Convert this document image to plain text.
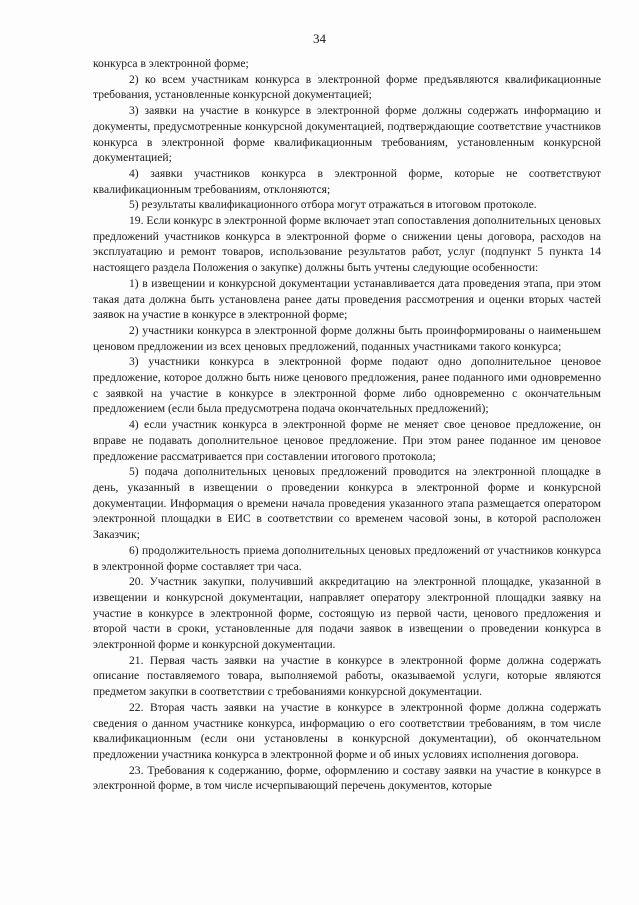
34

конкурса в электронной форме;

2) ко всем участникам конкурса в электронной форме предъявляются квалификационные требования, установленные конкурсной документацией;

3) заявки на участие в конкурсе в электронной форме должны содержать информацию и документы, предусмотренные конкурсной документацией, подтверждающие соответствие участников конкурса в электронной форме квалификационным требованиям, установленным конкурсной документацией;

4) заявки участников конкурса в электронной форме, которые не соответствуют квалификационным требованиям, отклоняются;

5) результаты квалификационного отбора могут отражаться в итоговом протоколе.

19. Если конкурс в электронной форме включает этап сопоставления дополнительных ценовых предложений участников конкурса в электронной форме о снижении цены договора, расходов на эксплуатацию и ремонт товаров, использование результатов работ, услуг (подпункт 5 пункта 14 настоящего раздела Положения о закупке) должны быть учтены следующие особенности:

1) в извещении и конкурсной документации устанавливается дата проведения этапа, при этом такая дата должна быть установлена ранее даты проведения рассмотрения и оценки вторых частей заявок на участие в конкурсе в электронной форме;

2) участники конкурса в электронной форме должны быть проинформированы о наименьшем ценовом предложении из всех ценовых предложений, поданных участниками такого конкурса;

3) участники конкурса в электронной форме подают одно дополнительное ценовое предложение, которое должно быть ниже ценового предложения, ранее поданного ими одновременно с заявкой на участие в конкурсе в электронной форме либо одновременно с окончательным предложением (если была предусмотрена подача окончательных предложений);

4) если участник конкурса в электронной форме не меняет свое ценовое предложение, он вправе не подавать дополнительное ценовое предложение. При этом ранее поданное им ценовое предложение рассматривается при составлении итогового протокола;

5) подача дополнительных ценовых предложений проводится на электронной площадке в день, указанный в извещении о проведении конкурса в электронной форме и конкурсной документации. Информация о времени начала проведения указанного этапа размещается оператором электронной площадки в ЕИС в соответствии со временем часовой зоны, в которой расположен Заказчик;

6) продолжительность приема дополнительных ценовых предложений от участников конкурса в электронной форме составляет три часа.

20. Участник закупки, получивший аккредитацию на электронной площадке, указанной в извещении и конкурсной документации, направляет оператору электронной площадки заявку на участие в конкурсе в электронной форме, состоящую из первой части, ценового предложения и второй части в сроки, установленные для подачи заявок в извещении о проведении конкурса в электронной форме и конкурсной документации.

21. Первая часть заявки на участие в конкурсе в электронной форме должна содержать описание поставляемого товара, выполняемой работы, оказываемой услуги, которые являются предметом закупки в соответствии с требованиями конкурсной документации.

22. Вторая часть заявки на участие в конкурсе в электронной форме должна содержать сведения о данном участнике конкурса, информацию о его соответствии требованиям, в том числе квалификационным (если они установлены в конкурсной документации), об окончательном предложении участника конкурса в электронной форме и об иных условиях исполнения договора.

23. Требования к содержанию, форме, оформлению и составу заявки на участие в конкурсе в электронной форме, в том числе исчерпывающий перечень документов, которые
